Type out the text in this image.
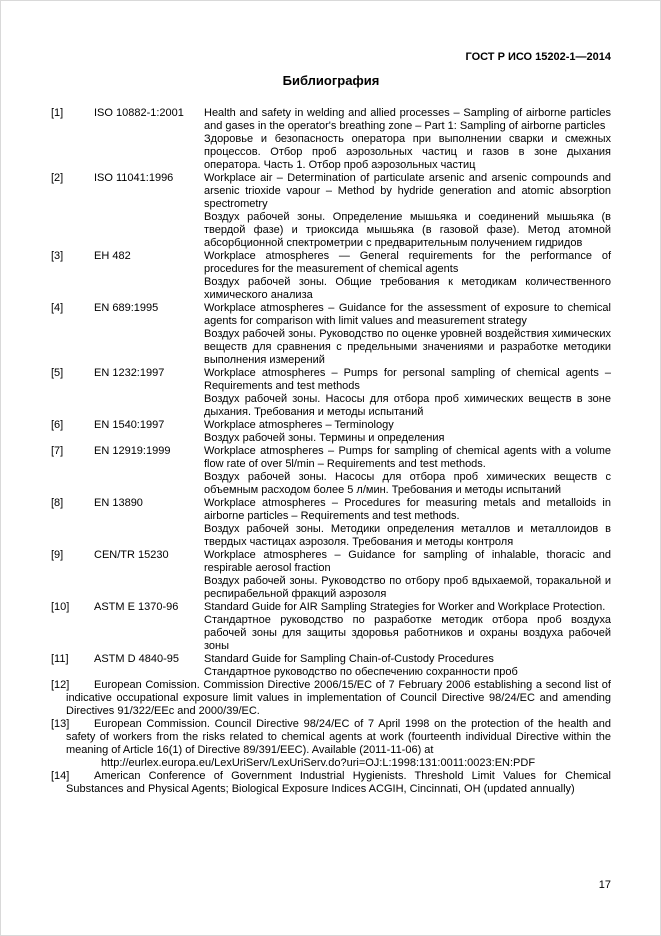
ГОСТ Р ИСО 15202-1—2014
Библиография
[1]	ISO 10882-1:2001	Health and safety in welding and allied processes – Sampling of airborne particles and gases in the operator's breathing zone – Part 1: Sampling of airborne particles

Здоровье и безопасность оператора при выполнении сварки и смежных процессов. Отбор проб аэрозольных частиц и газов в зоне дыхания оператора. Часть 1. Отбор проб аэрозольных частиц

[2]	ISO 11041:1996	Workplace air – Determination of particulate arsenic and arsenic compounds and arsenic trioxide vapour – Method by hydride generation and atomic absorption spectrometry

Воздух рабочей зоны. Определение мышьяка и соединений мышьяка (в твердой фазе) и триоксида мышьяка (в газовой фазе). Метод атомной абсорбционной спектрометрии с предварительным получением гидридов

[3]	ЕН 482	Workplace atmospheres — General requirements for the performance of procedures for the measurement of chemical agents

Воздух рабочей зоны. Общие требования к методикам количественного химического анализа

[4]	EN 689:1995	Workplace atmospheres – Guidance for the assessment of exposure to chemical agents for comparison with limit values and measurement strategy

Воздух рабочей зоны. Руководство по оценке уровней воздействия химических веществ для сравнения с предельными значениями и разработке методики выполнения измерений

[5]	EN 1232:1997	Workplace atmospheres – Pumps for personal sampling of chemical agents – Requirements and test methods

Воздух рабочей зоны. Насосы для отбора проб химических веществ в зоне дыхания. Требования и методы испытаний

[6]	EN 1540:1997	Workplace atmospheres – Terminology

Воздух рабочей зоны. Термины и определения

[7]	EN 12919:1999	Workplace atmospheres – Pumps for sampling of chemical agents with a volume flow rate of over 5l/min – Requirements and test methods.

Воздух рабочей зоны. Насосы для отбора проб химических веществ с объемным расходом более 5 л/мин. Требования и методы испытаний

[8]	EN 13890	Workplace atmospheres – Procedures for measuring metals and metalloids in airborne particles – Requirements and test methods.

Воздух рабочей зоны. Методики определения металлов и металлоидов в твердых частицах аэрозоля. Требования и методы контроля

[9]	CEN/TR 15230	Workplace atmospheres – Guidance for sampling of inhalable, thoracic and respirable aerosol fraction

Воздух рабочей зоны. Руководство по отбору проб вдыхаемой, торакальной и респирабельной фракций аэрозоля

[10]	ASTM E 1370-96	Standard Guide for AIR Sampling Strategies for Worker and Workplace Protection.

Стандартное руководство по разработке методик отбора проб воздуха рабочей зоны для защиты здоровья работников и охраны воздуха рабочей зоны

[11]	ASTM D 4840-95	Standard Guide for Sampling Chain-of-Custody Procedures

Стандартное руководство по обеспечению сохранности проб

[12] European Comission. Commission Directive 2006/15/EC of 7 February 2006 establishing a second list of indicative occupational exposure limit values in implementation of Council Directive 98/24/EC and amending Directives 91/322/EEc and 2000/39/EC.
[13] European Commission. Council Directive 98/24/EC of 7 April 1998 on the protection of the health and safety of workers from the risks related to chemical agents at work (fourteenth individual Directive within the meaning of Article 16(1) of Directive 89/391/EEC). Available (2011-11-06) at
http://eurlex.europa.eu/LexUriServ/LexUriServ.do?uri=OJ:L:1998:131:0011:0023:EN:PDF
[14] American Conference of Government Industrial Hygienists. Threshold Limit Values for Chemical Substances and Physical Agents; Biological Exposure Indices ACGIH, Cincinnati, OH (updated annually)
17
